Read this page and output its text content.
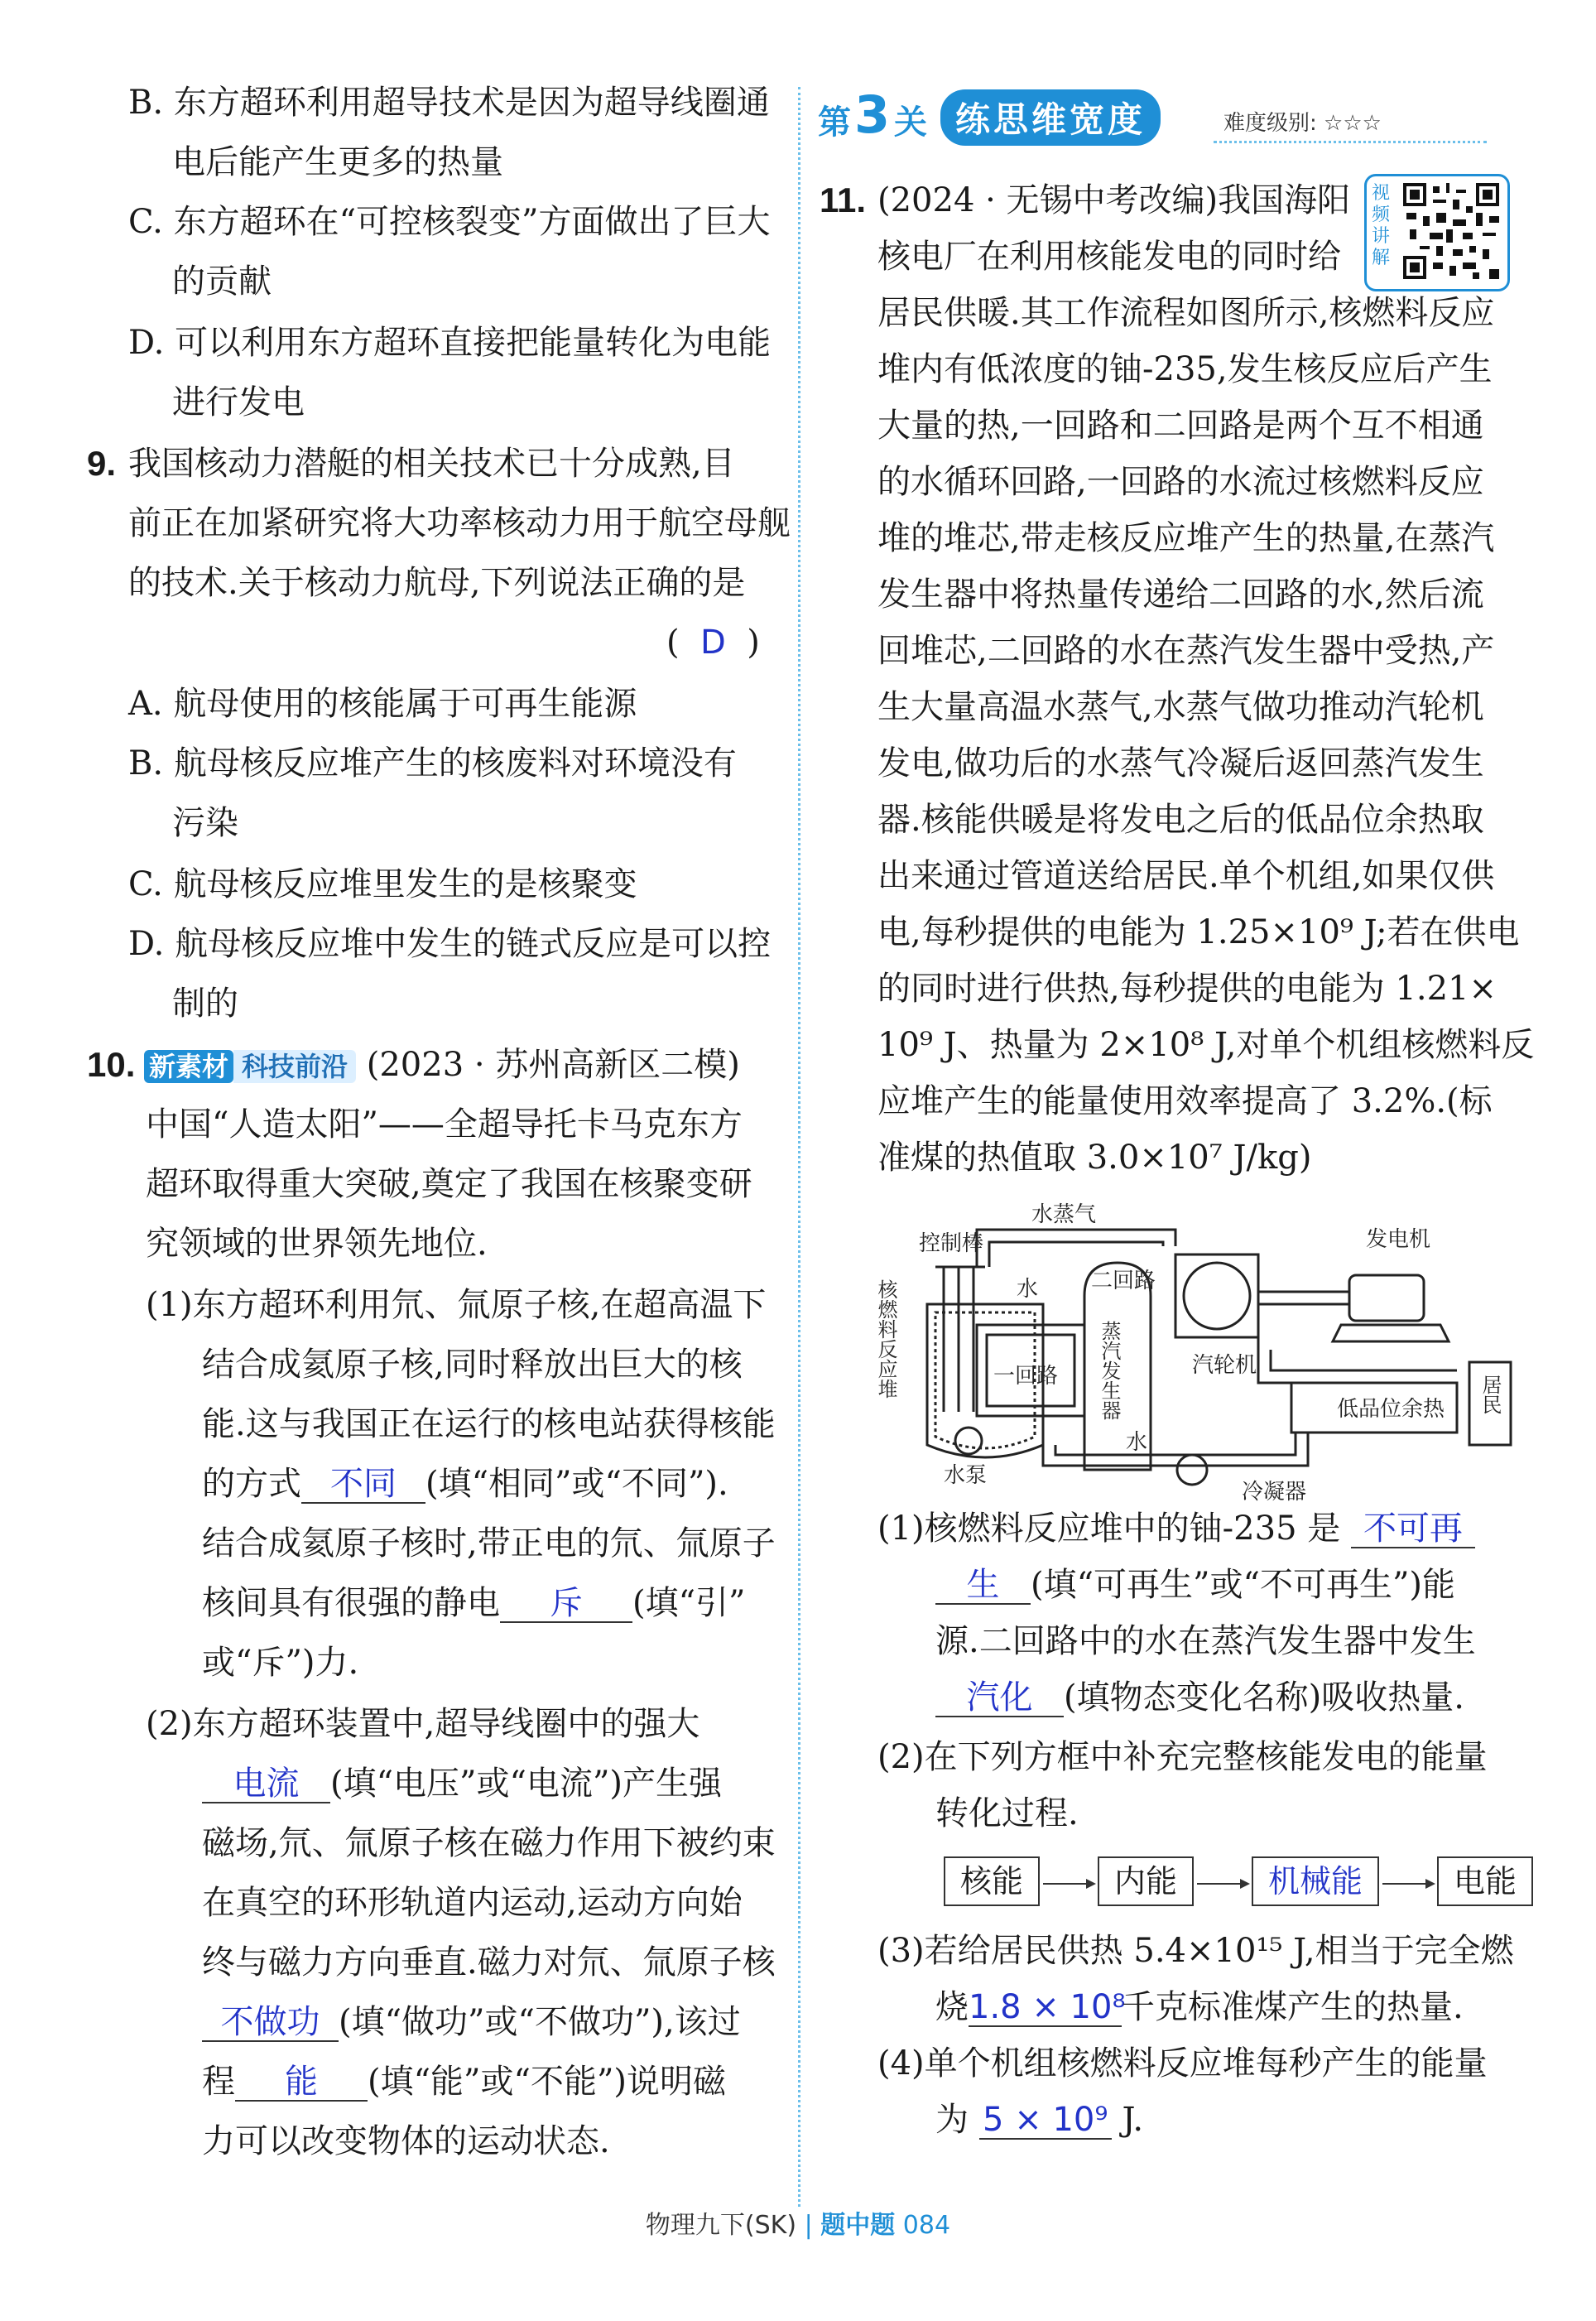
B. 东方超环利用超导技术是因为超导线圈通
电后能产生更多的热量
C. 东方超环在“可控核裂变”方面做出了巨大
的贡献
D. 可以利用东方超环直接把能量转化为电能
进行发电
9. 我国核动力潜艇的相关技术已十分成熟,目
前正在加紧研究将大功率核动力用于航空母舰
的技术.关于核动力航母,下列说法正确的是
(  D  )
A. 航母使用的核能属于可再生能源
B. 航母核反应堆产生的核废料对环境没有
污染
C. 航母核反应堆里发生的是核聚变
D. 航母核反应堆中发生的链式反应是可以控
制的
10. 新素材 科技前沿 (2023 · 苏州高新区二模)
中国“人造太阳”——全超导托卡马克东方
超环取得重大突破,奠定了我国在核聚变研
究领域的世界领先地位.
(1)东方超环利用氘、氚原子核,在超高温下
结合成氦原子核,同时释放出巨大的核
能.这与我国正在运行的核电站获得核能
的方式 不同 (填“相同”或“不同”).
结合成氦原子核时,带正电的氘、氚原子
核间具有很强的静电 斥 (填“引”
或“斥”)力.
(2)东方超环装置中,超导线圈中的强大
电流 (填“电压”或“电流”)产生强
磁场,氘、氚原子核在磁力作用下被约束
在真空的环形轨道内运动,运动方向始
终与磁力方向垂直.磁力对氘、氚原子核
不做功 (填“做功”或“不做功”),该过
程 能 (填“能”或“不能”)说明磁
力可以改变物体的运动状态.
第 3 关 练思维宽度	难度级别: ☆☆☆
视频讲解
11. (2024 · 无锡中考改编)我国海阳
核电厂在利用核能发电的同时给
居民供暖.其工作流程如图所示,核燃料反应
堆内有低浓度的铀-235,发生核反应后产生
大量的热,一回路和二回路是两个互不相通
的水循环回路,一回路的水流过核燃料反应
堆的堆芯,带走核反应堆产生的热量,在蒸汽
发生器中将热量传递给二回路的水,然后流
回堆芯,二回路的水在蒸汽发生器中受热,产
生大量高温水蒸气,水蒸气做功推动汽轮机
发电,做功后的水蒸气冷凝后返回蒸汽发生
器.核能供暖是将发电之后的低品位余热取
出来通过管道送给居民.单个机组,如果仅供
电,每秒提供的电能为 1.25×10⁹ J;若在供电
的同时进行供热,每秒提供的电能为 1.21×
10⁹ J、热量为 2×10⁸ J,对单个机组核燃料反
应堆产生的能量使用效率提高了 3.2%.(标
准煤的热值取 3.0×10⁷ J/kg)
水蒸气
控制棒
水 二回路
一回路	汽轮机
发电机
低品位余热
水泵
水
冷凝器
核燃料反应堆	蒸汽发生器	居民
(1)核燃料反应堆中的铀-235 是 不可再
生 (填“可再生”或“不可再生”)能
源.二回路中的水在蒸汽发生器中发生
汽化 (填物态变化名称)吸收热量.
(2)在下列方框中补充完整核能发电的能量
转化过程.
核能	内能	机械能	电能
(3)若给居民供热 5.4×10¹⁵ J,相当于完全燃
烧1.8 × 10⁸千克标准煤产生的热量.
(4)单个机组核燃料反应堆每秒产生的能量
为 5 × 10⁹ J.
物理九下(SK) | 题中题 084
